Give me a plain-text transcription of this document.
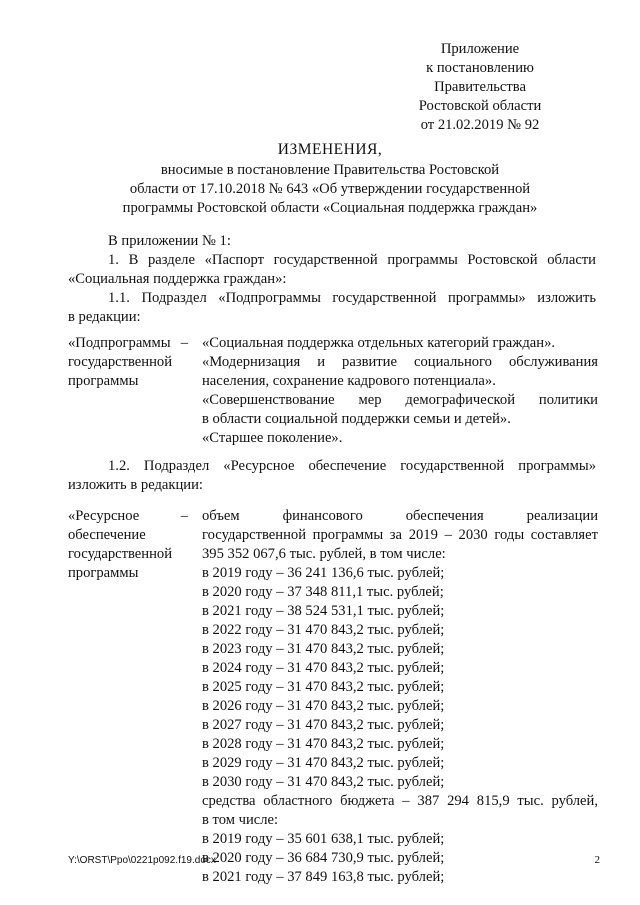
Приложение
к постановлению
Правительства
Ростовской области
от 21.02.2019 № 92
ИЗМЕНЕНИЯ,
вносимые в постановление Правительства Ростовской
области от 17.10.2018 № 643 «Об утверждении государственной
программы Ростовской области «Социальная поддержка граждан»
В приложении № 1:
1. В разделе «Паспорт государственной программы Ростовской области
«Социальная поддержка граждан»:
1.1. Подраздел «Подпрограммы государственной программы» изложить
в редакции:
«Подпрограммы –
государственной
программы
«Социальная поддержка отдельных категорий граждан».
«Модернизация и развитие социального обслуживания
населения, сохранение кадрового потенциала».
«Совершенствование мер демографической политики
в области социальной поддержки семьи и детей».
«Старшее поколение».
1.2. Подраздел «Ресурсное обеспечение государственной программы»
изложить в редакции:
«Ресурсное	–
обеспечение
государственной
программы
объем финансового обеспечения реализации
государственной программы за 2019 – 2030 годы составляет
395 352 067,6 тыс. рублей, в том числе:
в 2019 году – 36 241 136,6 тыс. рублей;
в 2020 году – 37 348 811,1 тыс. рублей;
в 2021 году – 38 524 531,1 тыс. рублей;
в 2022 году – 31 470 843,2 тыс. рублей;
в 2023 году – 31 470 843,2 тыс. рублей;
в 2024 году – 31 470 843,2 тыс. рублей;
в 2025 году – 31 470 843,2 тыс. рублей;
в 2026 году – 31 470 843,2 тыс. рублей;
в 2027 году – 31 470 843,2 тыс. рублей;
в 2028 году – 31 470 843,2 тыс. рублей;
в 2029 году – 31 470 843,2 тыс. рублей;
в 2030 году – 31 470 843,2 тыс. рублей;
средства областного бюджета – 387 294 815,9 тыс. рублей,
в том числе:
в 2019 году – 35 601 638,1 тыс. рублей;
в 2020 году – 36 684 730,9 тыс. рублей;
в 2021 году – 37 849 163,8 тыс. рублей;
Y:\ORST\Ppo\0221p092.f19.docx	2
